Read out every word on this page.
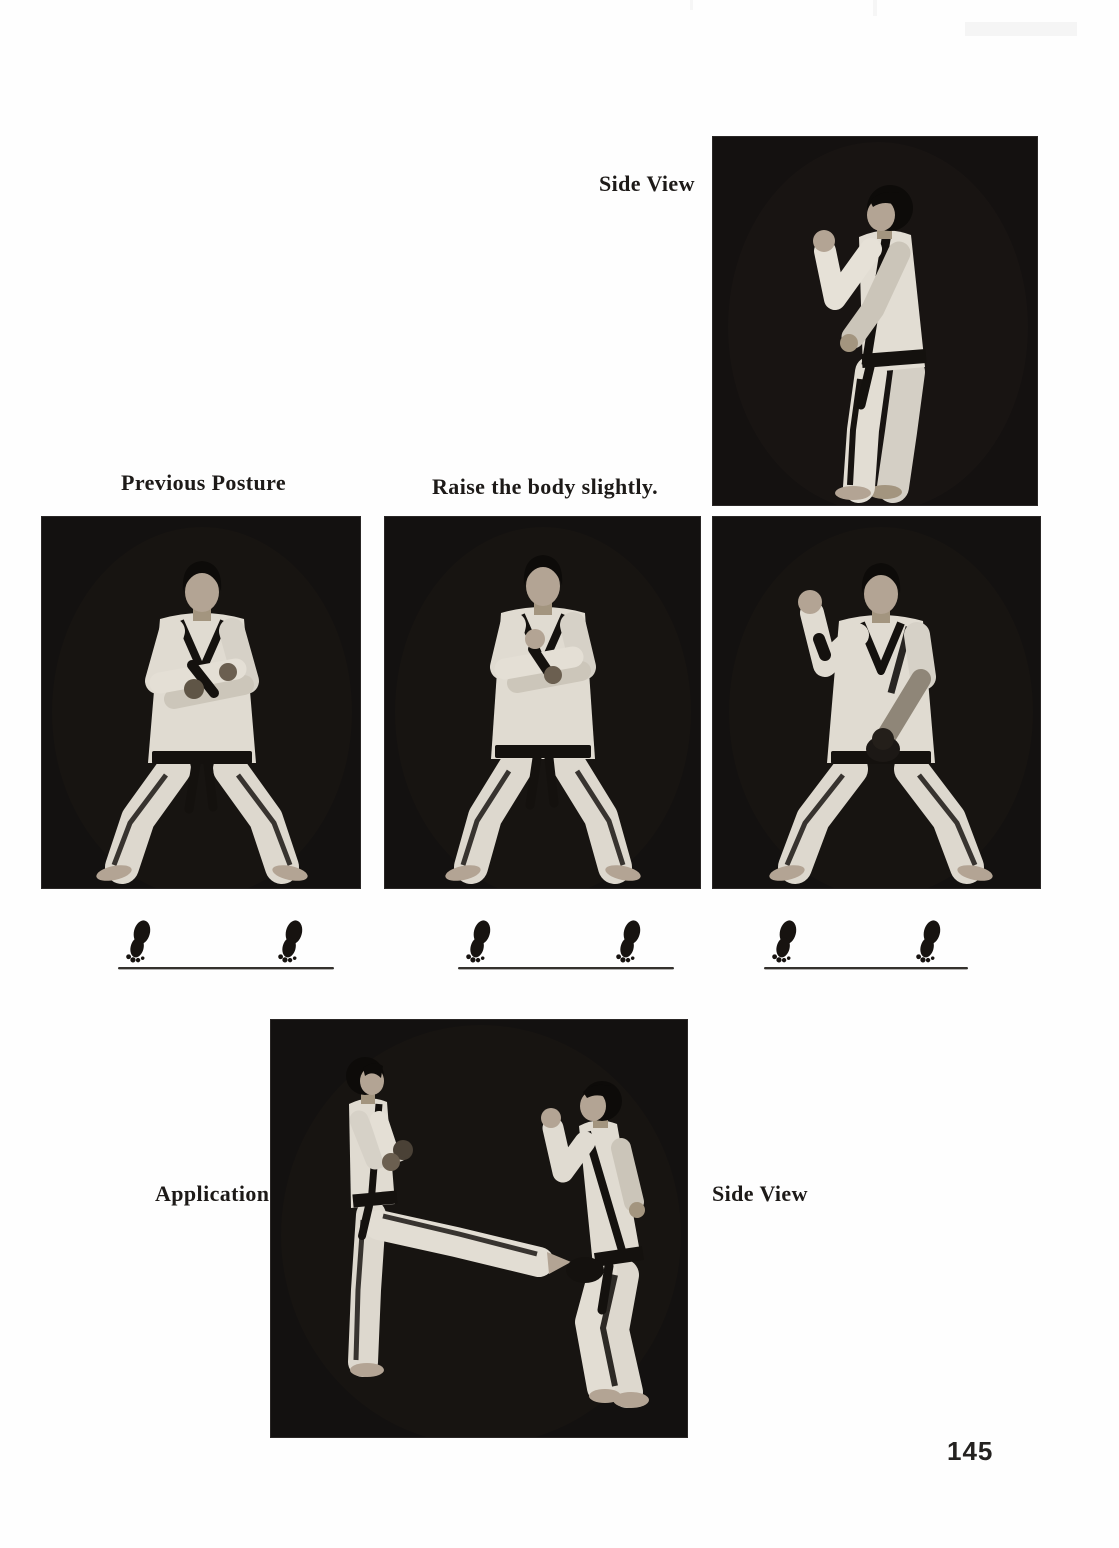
Side View
Previous Posture	Raise the body slightly.
Application	Side View
145
